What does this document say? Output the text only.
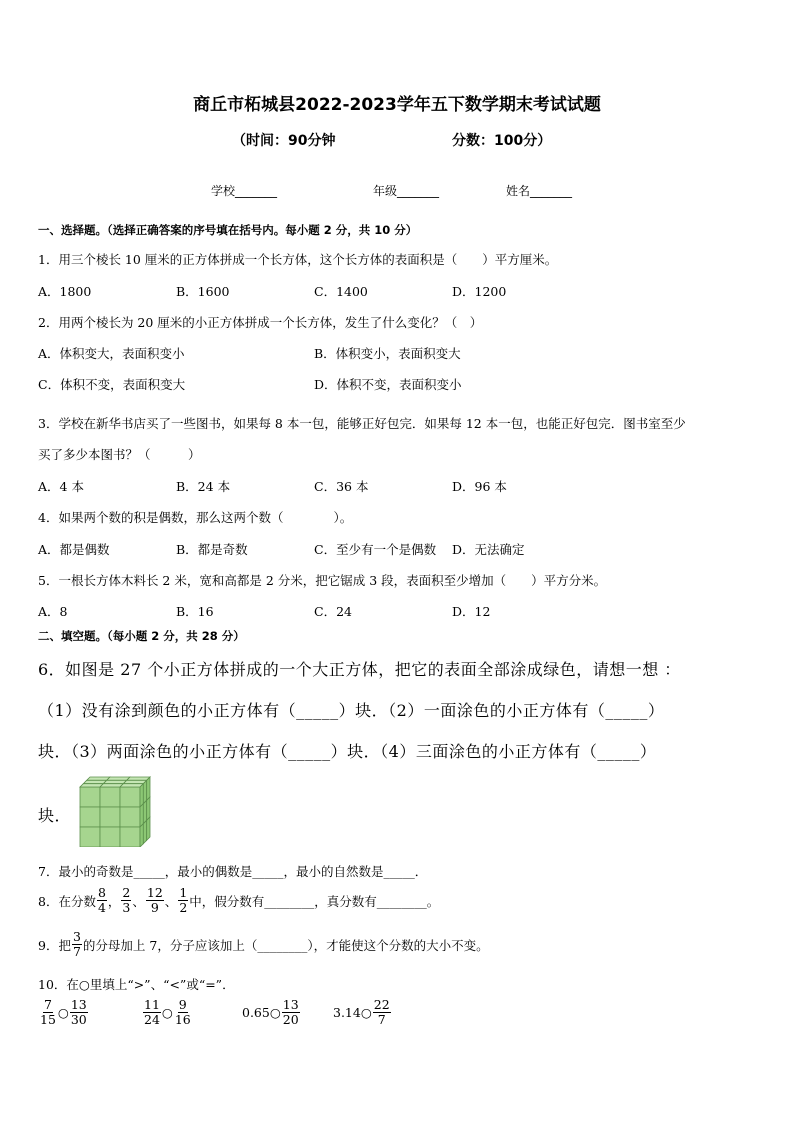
商丘市柘城县2022-2023学年五下数学期末考试试题
（时间：90分钟	分数：100分）
学校_______	年级_______	姓名_______
一、选择题。（选择正确答案的序号填在括号内。每小题 2 分，共 10 分）
1．用三个棱长 10 厘米的正方体拼成一个长方体，这个长方体的表面积是（　　）平方厘米。
A．1800	B．1600	C．1400	D．1200
2．用两个棱长为 20 厘米的小正方体拼成一个长方体，发生了什么变化？（　）
A．体积变大，表面积变小	B．体积变小，表面积变大
C．体积不变，表面积变大	D．体积不变，表面积变小
3．学校在新华书店买了一些图书，如果每 8 本一包，能够正好包完．如果每 12 本一包，也能正好包完．图书室至少
买了多少本图书？（　　　）
A．4 本	B．24 本	C．36 本	D．96 本
4．如果两个数的积是偶数，那么这两个数（　　　　）。
A．都是偶数	B．都是奇数	C．至少有一个是偶数 D．无法确定
5．一根长方体木料长 2 米，宽和高都是 2 分米，把它锯成 3 段，表面积至少增加（　　）平方分米。
A．8	B．16	C．24	D．12
二、填空题。（每小题 2 分，共 28 分）
6．如图是 27 个小正方体拼成的一个大正方体，把它的表面全部涂成绿色，请想一想 ：
（1）没有涂到颜色的小正方体有（_____）块．（2）一面涂色的小正方体有（_____）
块．（3）两面涂色的小正方体有（_____）块．（4）三面涂色的小正方体有（_____）
块．
7．最小的奇数是_____，最小的偶数是_____，最小的自然数是_____．
8．在分数 $\frac{8}{4}$ ， $\frac{2}{3}$ 、 $\frac{12}{9}$ 、 $\frac{1}{2}$ 中，假分数有________，真分数有________。
9．把 $\frac{3}{7}$ 的分母加上 7，分子应该加上（________），才能使这个分数的大小不变。
10．在○里填上“>”、“<”或“=”．
$\frac{7}{15}$ ○ $\frac{13}{30}$	$\frac{11}{24}$ ○ $\frac{9}{16}$	0.65 ○ $\frac{13}{20}$	3.14 ○ $\frac{22}{7}$
